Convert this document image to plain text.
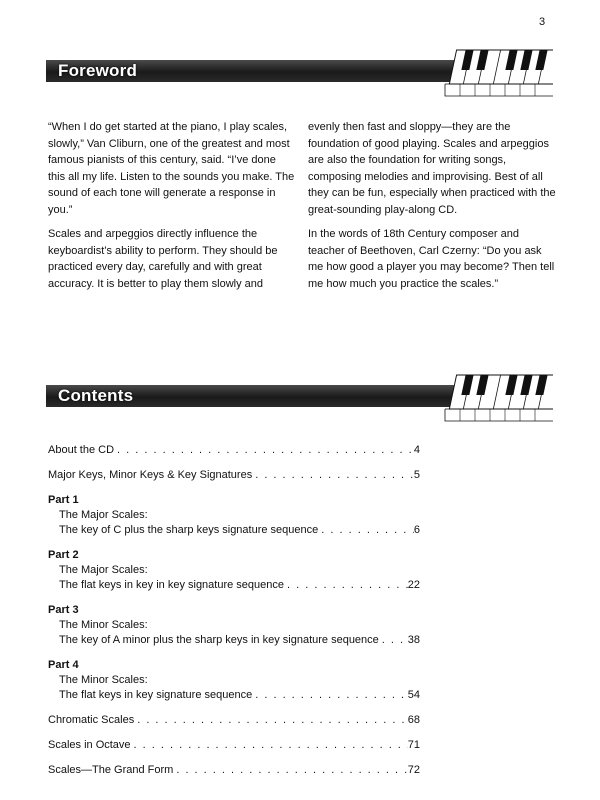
3
Foreword

“When I do get started at the piano, I play scales, slowly,” Van Cliburn, one of the greatest and most famous pianists of this century, said. “I’ve done this all my life. Listen to the sounds you make. The sound of each tone will generate a response in you.”

Scales and arpeggios directly influence the keyboardist’s ability to perform. They should be practiced every day, carefully and with great accuracy. It is better to play them slowly and

evenly then fast and sloppy—they are the foundation of good playing. Scales and arpeggios are also the foundation for writing songs, composing melodies and improvising. Best of all they can be fun, especially when practiced with the great-sounding play-along CD.

In the words of 18th Century composer and teacher of Beethoven, Carl Czerny: “Do you ask me how good a player you may become? Then tell me how much you practice the scales.”

Contents
About the CD . . .	4
Major Keys, Minor Keys & Key Signatures . . .	5
Part 1
The Major Scales:
The key of C plus the sharp keys signature sequence . . .	6
Part 2
The Major Scales:
The flat keys in key in key signature sequence . . .	22
Part 3
The Minor Scales:
The key of A minor plus the sharp keys in key signature sequence . . .	38
Part 4
The Minor Scales:
The flat keys in key signature sequence . . .	54
Chromatic Scales . . .	68
Scales in Octave . . .	71
Scales—The Grand Form . . .	72
